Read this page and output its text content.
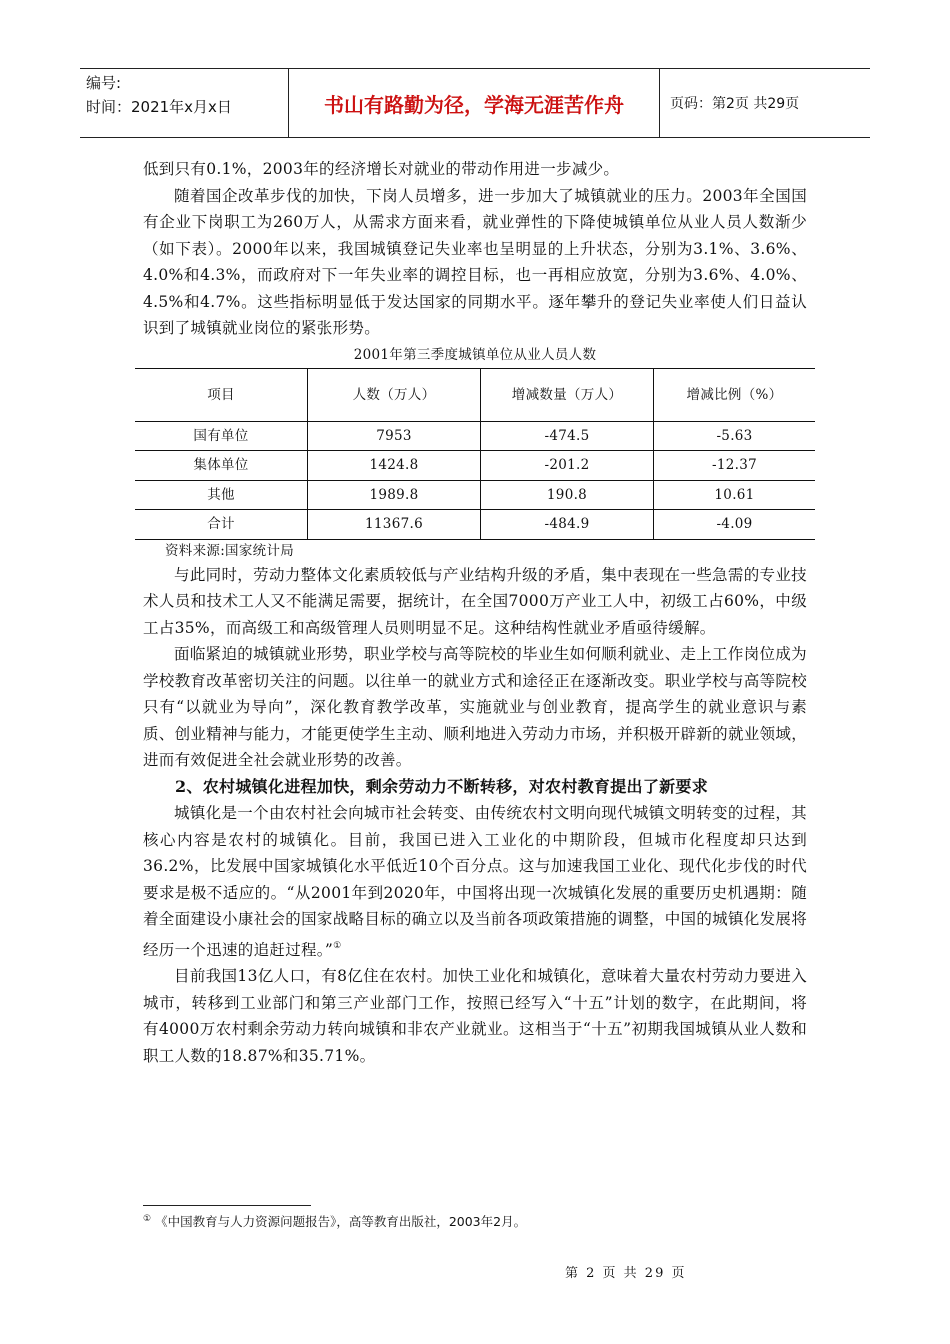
编号:
时间：2021年x月x日	书山有路勤为径，学海无涯苦作舟	页码：第2页 共29页

低到只有0.1%，2003年的经济增长对就业的带动作用进一步减少。

随着国企改革步伐的加快，下岗人员增多，进一步加大了城镇就业的压力。2003年全国国有企业下岗职工为260万人，从需求方面来看，就业弹性的下降使城镇单位从业人员人数渐少（如下表）。2000年以来，我国城镇登记失业率也呈明显的上升状态，分别为3.1%、3.6%、4.0%和4.3%，而政府对下一年失业率的调控目标，也一再相应放宽，分别为3.6%、4.0%、4.5%和4.7%。这些指标明显低于发达国家的同期水平。逐年攀升的登记失业率使人们日益认识到了城镇就业岗位的紧张形势。

2001年第三季度城镇单位从业人员人数
项目	人数（万人）	增减数量（万人）	增减比例（%）
国有单位	7953	-474.5	-5.63
集体单位	1424.8	-201.2	-12.37
其他	1989.8	190.8	10.61
合计	11367.6	-484.9	-4.09
资料来源:国家统计局

与此同时，劳动力整体文化素质较低与产业结构升级的矛盾，集中表现在一些急需的专业技术人员和技术工人又不能满足需要，据统计，在全国7000万产业工人中，初级工占60%，中级工占35%，而高级工和高级管理人员则明显不足。这种结构性就业矛盾亟待缓解。

面临紧迫的城镇就业形势，职业学校与高等院校的毕业生如何顺利就业、走上工作岗位成为学校教育改革密切关注的问题。以往单一的就业方式和途径正在逐渐改变。职业学校与高等院校只有“以就业为导向”，深化教育教学改革，实施就业与创业教育，提高学生的就业意识与素质、创业精神与能力，才能更使学生主动、顺利地进入劳动力市场，并积极开辟新的就业领域，进而有效促进全社会就业形势的改善。

2、农村城镇化进程加快，剩余劳动力不断转移，对农村教育提出了新要求

城镇化是一个由农村社会向城市社会转变、由传统农村文明向现代城镇文明转变的过程，其核心内容是农村的城镇化。目前，我国已进入工业化的中期阶段，但城市化程度却只达到36.2%，比发展中国家城镇化水平低近10个百分点。这与加速我国工业化、现代化步伐的时代要求是极不适应的。“从2001年到2020年，中国将出现一次城镇化发展的重要历史机遇期：随着全面建设小康社会的国家战略目标的确立以及当前各项政策措施的调整，中国的城镇化发展将经历一个迅速的追赶过程。”①

目前我国13亿人口，有8亿住在农村。加快工业化和城镇化，意味着大量农村劳动力要进入城市，转移到工业部门和第三产业部门工作，按照已经写入“十五”计划的数字，在此期间，将有4000万农村剩余劳动力转向城镇和非农产业就业。这相当于“十五”初期我国城镇从业人数和职工人数的18.87%和35.71%。

① 《中国教育与人力资源问题报告》，高等教育出版社，2003年2月。
第 2 页 共 29 页
